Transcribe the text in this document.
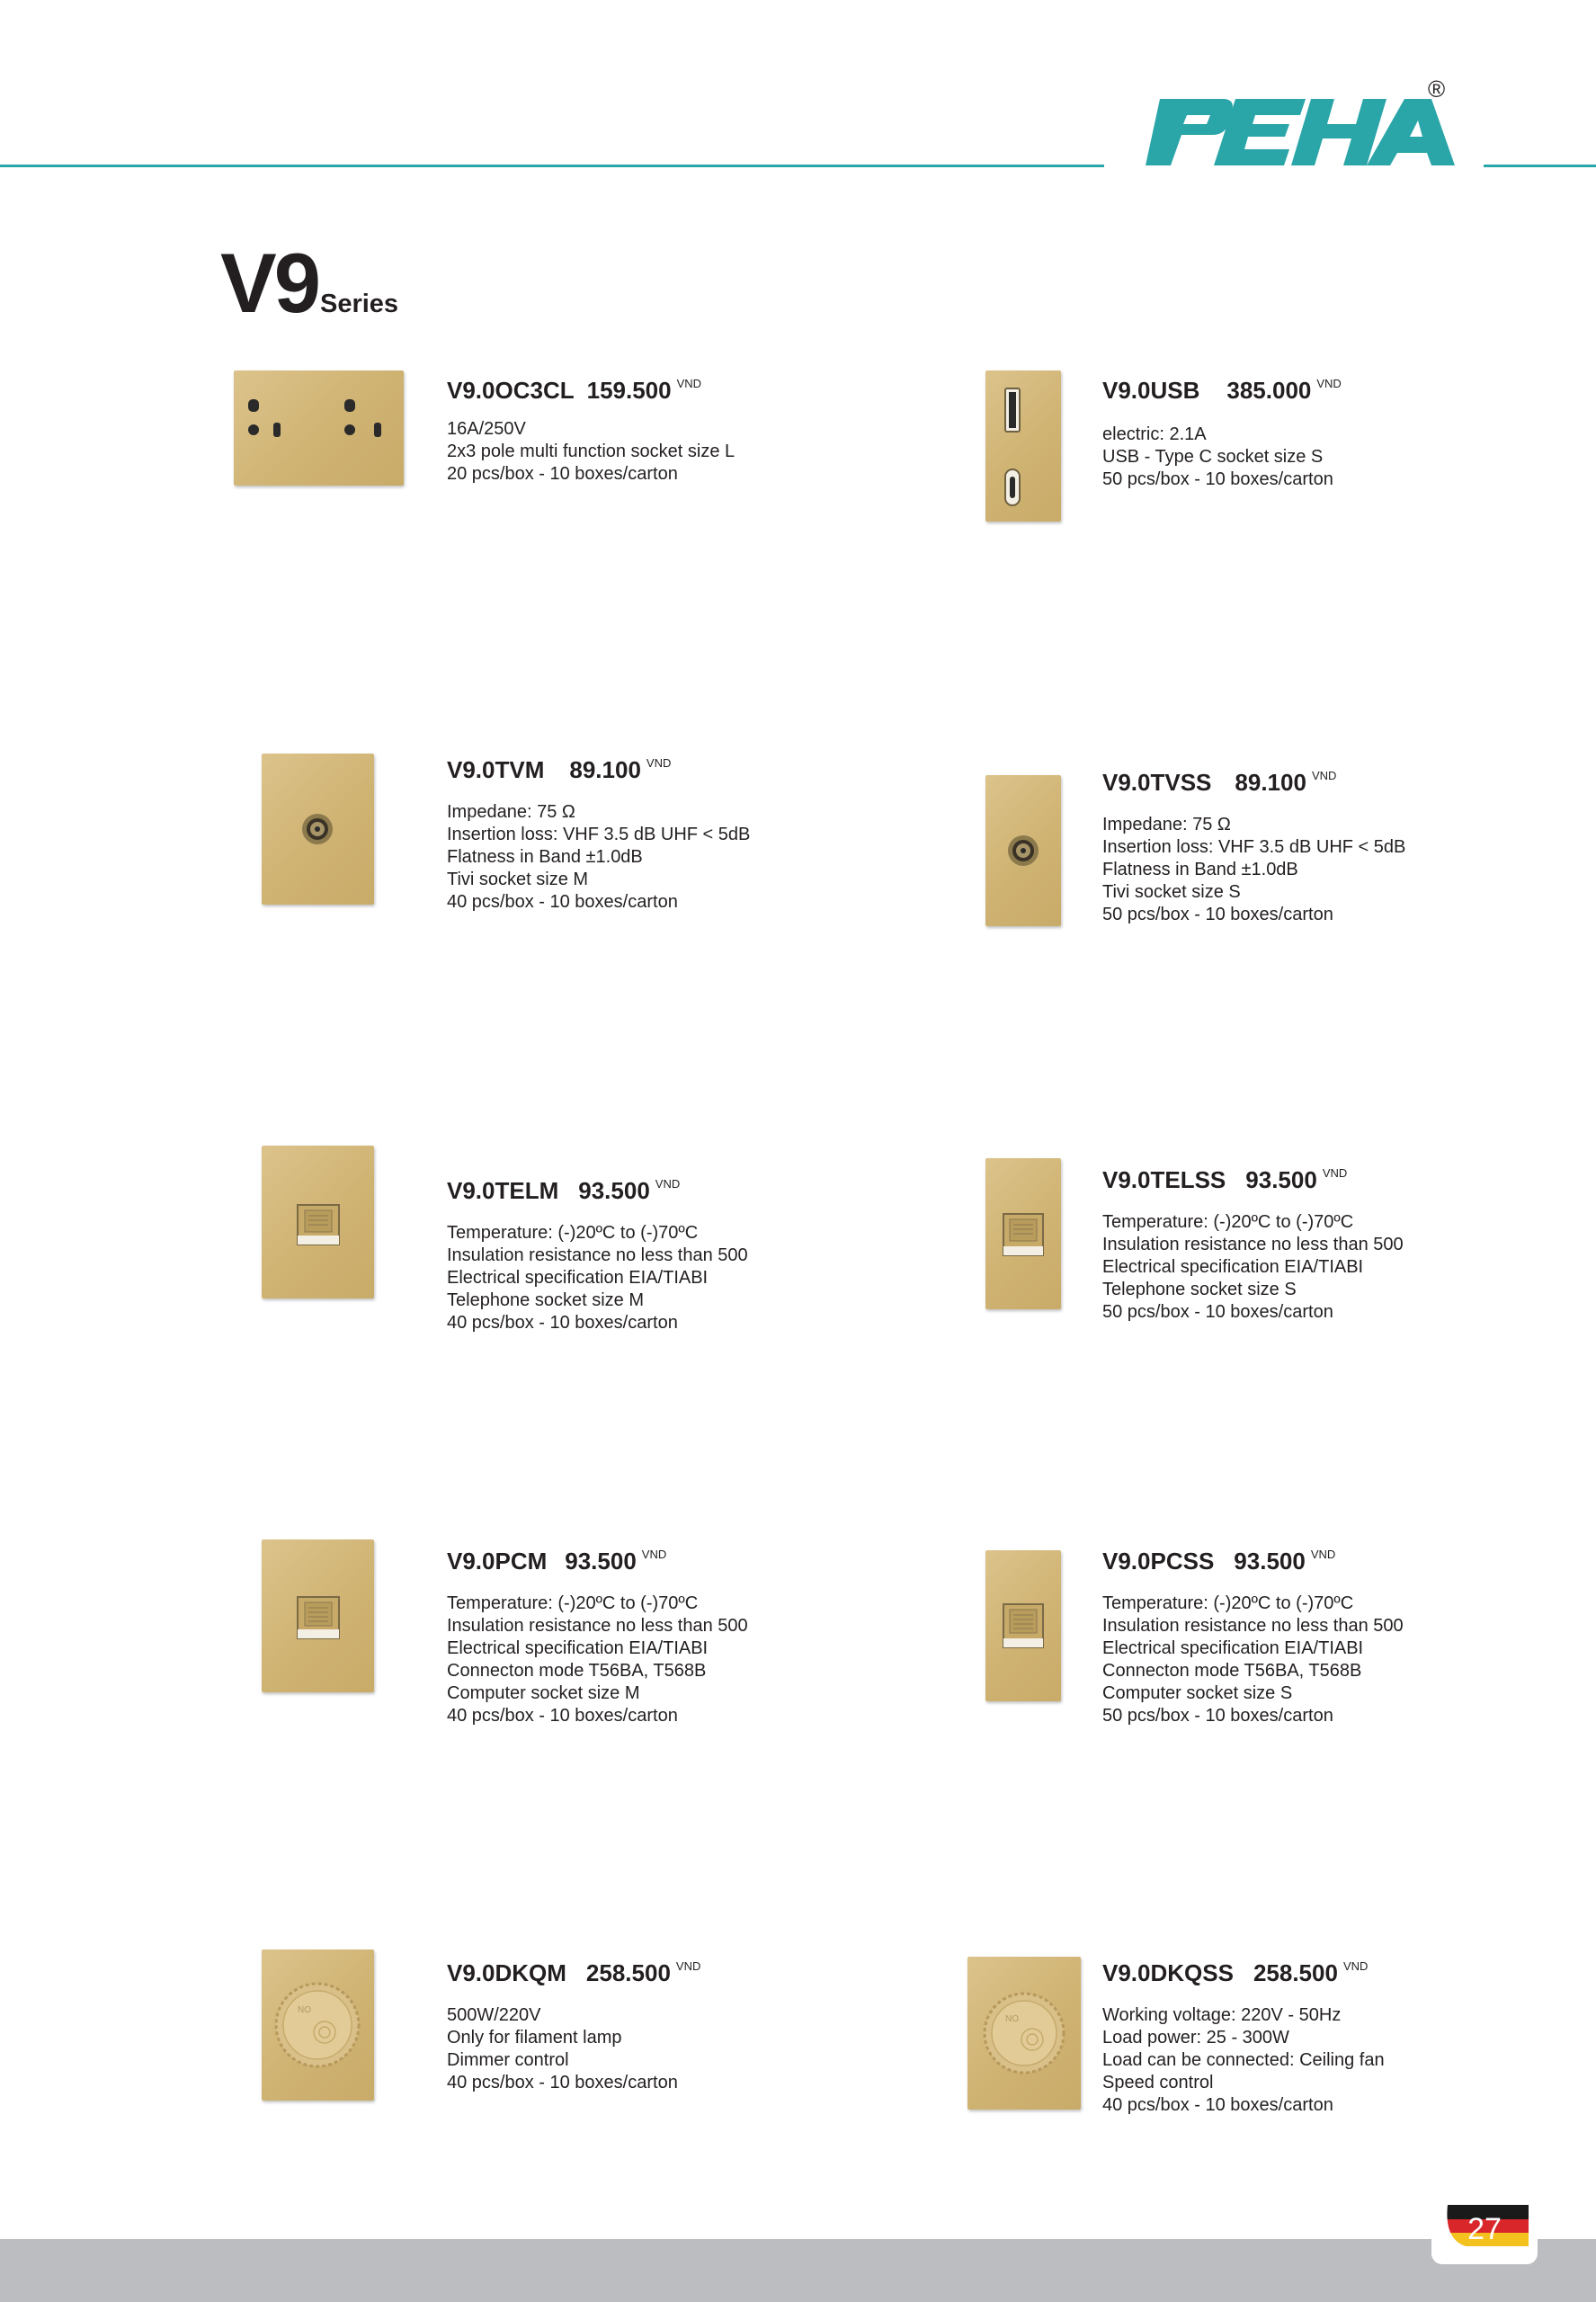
®
V9Series
V9.0OC3CL 159.500 $^{VND}$
16A/250V
2x3 pole multi function socket size L
20 pcs/box - 10 boxes/carton
V9.0USB 385.000 $^{VND}$
electric: 2.1A
USB - Type C socket size S
50 pcs/box - 10 boxes/carton
V9.0TVM 89.100 $^{VND}$
Impedane: 75 Ω
Insertion loss: VHF 3.5 dB UHF < 5dB
Flatness in Band ±1.0dB
Tivi socket size M
40 pcs/box - 10 boxes/carton
V9.0TVSS 89.100 $^{VND}$
Impedane: 75 Ω
Insertion loss: VHF 3.5 dB UHF < 5dB
Flatness in Band ±1.0dB
Tivi socket size S
50 pcs/box - 10 boxes/carton
V9.0TELM 93.500 $^{VND}$
Temperature: (-)20ºC to (-)70ºC
Insulation resistance no less than 500
Electrical specification EIA/TIABI
Telephone socket size M
40 pcs/box - 10 boxes/carton
V9.0TELSS 93.500 $^{VND}$
Temperature: (-)20ºC to (-)70ºC
Insulation resistance no less than 500
Electrical specification EIA/TIABI
Telephone socket size S
50 pcs/box - 10 boxes/carton
V9.0PCM 93.500 $^{VND}$
Temperature: (-)20ºC to (-)70ºC
Insulation resistance no less than 500
Electrical specification EIA/TIABI
Connecton mode T56BA, T568B
Computer socket size M
40 pcs/box - 10 boxes/carton
V9.0PCSS 93.500 $^{VND}$
Temperature: (-)20ºC to (-)70ºC
Insulation resistance no less than 500
Electrical specification EIA/TIABI
Connecton mode T56BA, T568B
Computer socket size S
50 pcs/box - 10 boxes/carton
NO
V9.0DKQM 258.500 $^{VND}$
500W/220V
Only for filament lamp
Dimmer control
40 pcs/box - 10 boxes/carton
NO
V9.0DKQSS 258.500 $^{VND}$
Working voltage: 220V - 50Hz
Load power: 25 - 300W
Load can be connected: Ceiling fan
Speed control
40 pcs/box - 10 boxes/carton
27
